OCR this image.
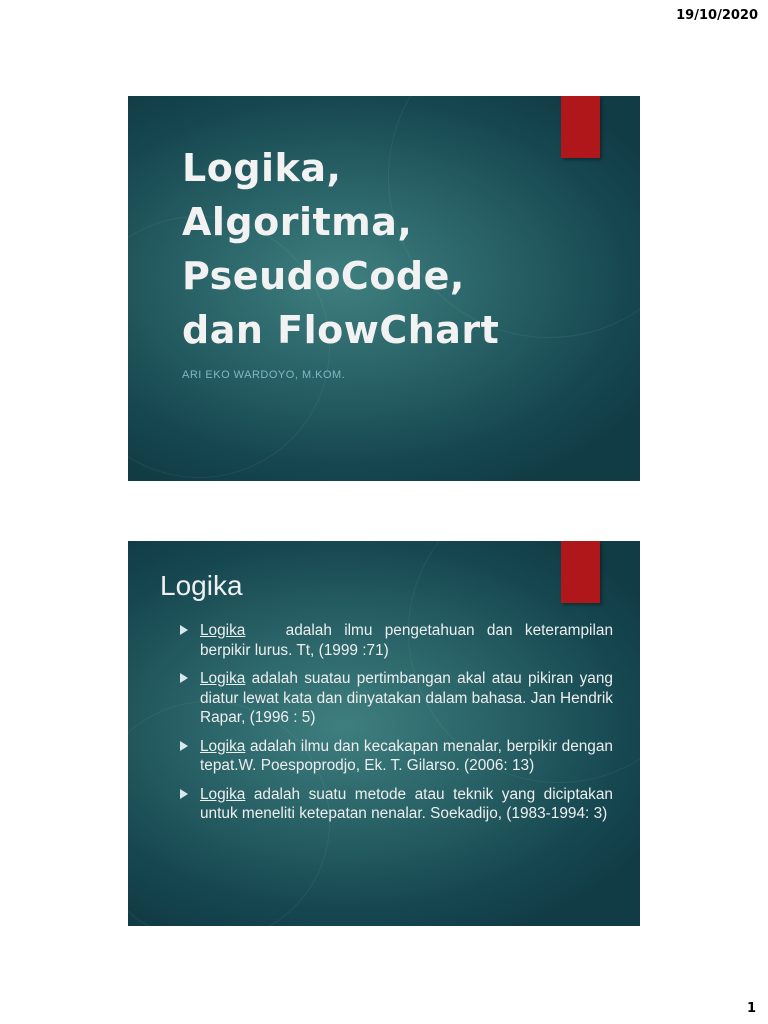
19/10/2020
Logika,
Algoritma,
PseudoCode,
dan FlowChart
ARI EKO WARDOYO, M.KOM.
Logika
Logika	adalah ilmu pengetahuan dan keterampilan berpikir lurus. Tt, (1999 :71)
Logika adalah suatau pertimbangan akal atau pikiran yang diatur lewat kata dan dinyatakan dalam bahasa. Jan Hendrik Rapar, (1996 : 5)
Logika adalah ilmu dan kecakapan menalar, berpikir dengan tepat.W. Poespoprodjo, Ek. T. Gilarso. (2006: 13)
Logika adalah suatu metode atau teknik yang diciptakan untuk meneliti ketepatan nenalar. Soekadijo, (1983-1994: 3)
1
